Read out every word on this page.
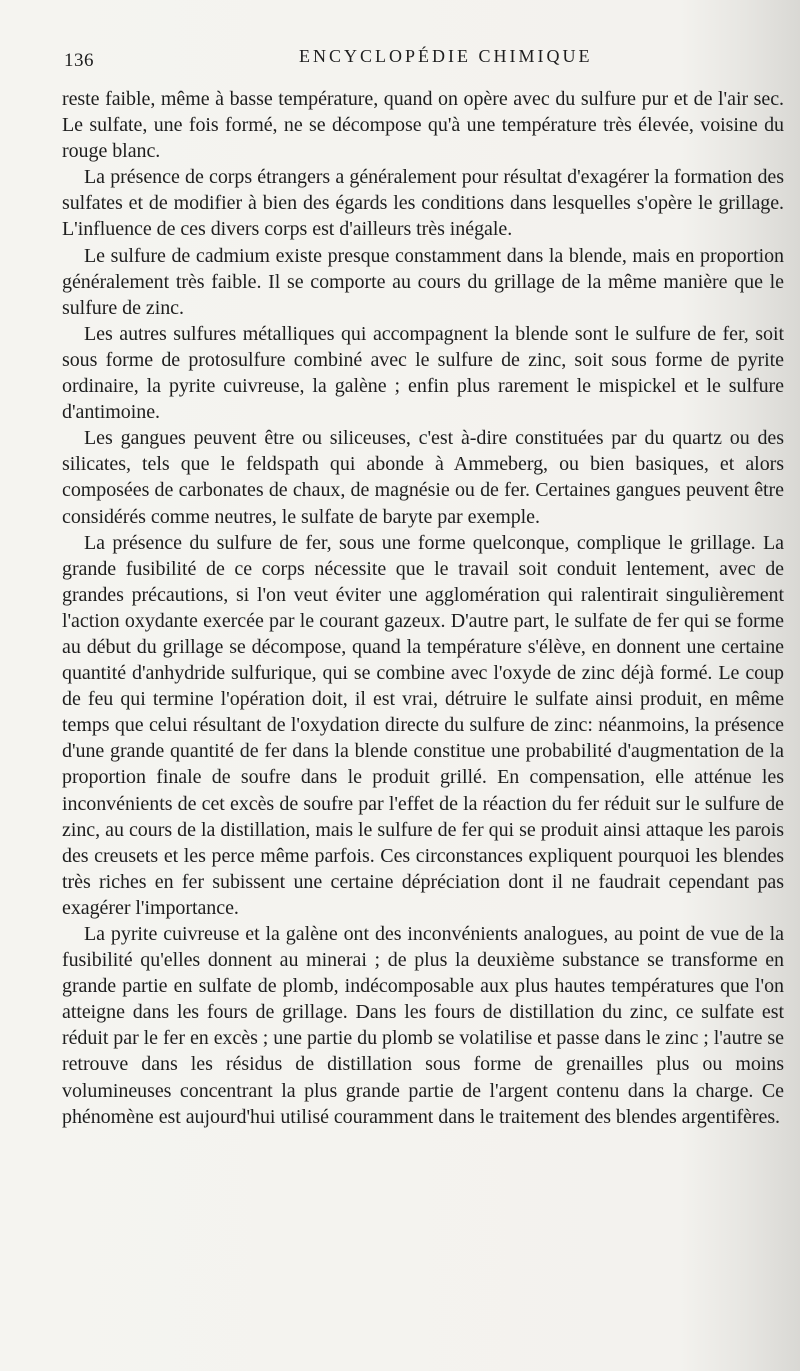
136	ENCYCLOPÉDIE CHIMIQUE

reste faible, même à basse température, quand on opère avec du sulfure pur et de l'air sec. Le sulfate, une fois formé, ne se décompose qu'à une température très élevée, voisine du rouge blanc.

La présence de corps étrangers a généralement pour résultat d'exagérer la formation des sulfates et de modifier à bien des égards les conditions dans lesquelles s'opère le grillage. L'influence de ces divers corps est d'ailleurs très inégale.

Le sulfure de cadmium existe presque constamment dans la blende, mais en proportion généralement très faible. Il se comporte au cours du grillage de la même manière que le sulfure de zinc.

Les autres sulfures métalliques qui accompagnent la blende sont le sulfure de fer, soit sous forme de protosulfure combiné avec le sulfure de zinc, soit sous forme de pyrite ordinaire, la pyrite cuivreuse, la galène ; enfin plus rarement le mispickel et le sulfure d'antimoine.

Les gangues peuvent être ou siliceuses, c'est à-dire constituées par du quartz ou des silicates, tels que le feldspath qui abonde à Ammeberg, ou bien basiques, et alors composées de carbonates de chaux, de magnésie ou de fer. Certaines gangues peuvent être considérés comme neutres, le sulfate de baryte par exemple.

La présence du sulfure de fer, sous une forme quelconque, complique le grillage. La grande fusibilité de ce corps nécessite que le travail soit conduit lentement, avec de grandes précautions, si l'on veut éviter une agglomération qui ralentirait singulièrement l'action oxydante exercée par le courant gazeux. D'autre part, le sulfate de fer qui se forme au début du grillage se décompose, quand la température s'élève, en donnent une certaine quantité d'anhydride sulfurique, qui se combine avec l'oxyde de zinc déjà formé. Le coup de feu qui termine l'opération doit, il est vrai, détruire le sulfate ainsi produit, en même temps que celui résultant de l'oxydation directe du sulfure de zinc: néanmoins, la présence d'une grande quantité de fer dans la blende constitue une probabilité d'augmentation de la proportion finale de soufre dans le produit grillé. En compensation, elle atténue les inconvénients de cet excès de soufre par l'effet de la réaction du fer réduit sur le sulfure de zinc, au cours de la distillation, mais le sulfure de fer qui se produit ainsi attaque les parois des creusets et les perce même parfois. Ces circonstances expliquent pourquoi les blendes très riches en fer subissent une certaine dépréciation dont il ne faudrait cependant pas exagérer l'importance.

La pyrite cuivreuse et la galène ont des inconvénients analogues, au point de vue de la fusibilité qu'elles donnent au minerai ; de plus la deuxième substance se transforme en grande partie en sulfate de plomb, indécomposable aux plus hautes températures que l'on atteigne dans les fours de grillage. Dans les fours de distillation du zinc, ce sulfate est réduit par le fer en excès ; une partie du plomb se volatilise et passe dans le zinc ; l'autre se retrouve dans les résidus de distillation sous forme de grenailles plus ou moins volumineuses concentrant la plus grande partie de l'argent contenu dans la charge. Ce phénomène est aujourd'hui utilisé couramment dans le traitement des blendes argentifères.
